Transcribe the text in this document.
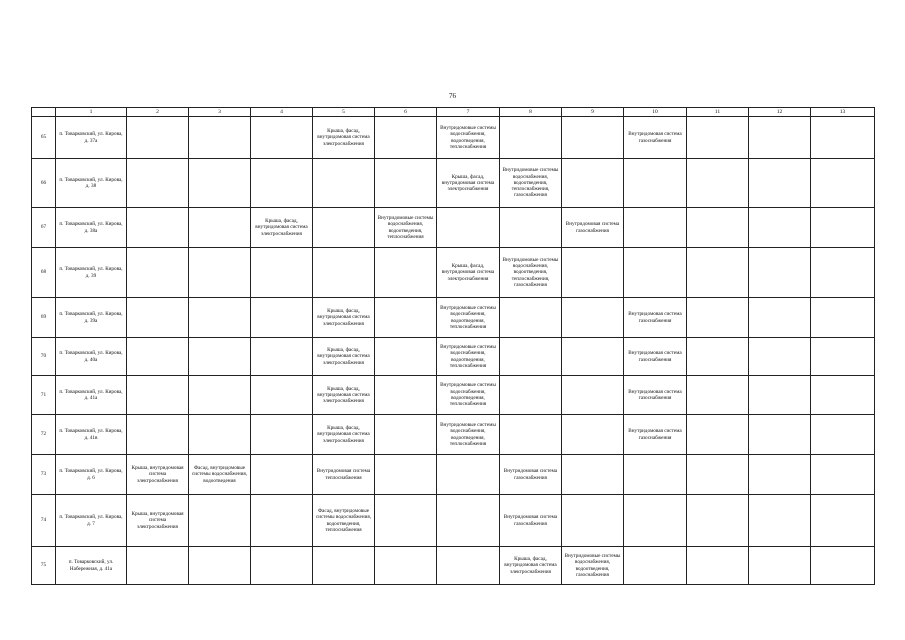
76
	1	2	3	4	5	6	7	8	9	10	11	12	13
65	п. Товарковский, ул. Кирова, д. 37а				Крыша, фасад, внутридомовая система электроснабжения		Внутридомовые системы водоснабжения, водоотведения, теплоснабжения			Внутридомовая система газоснабжения			
66	п. Товарковский, ул. Кирова, д. 38						Крыша, фасад, внутридомовая система электроснабжения	Внутридомовые системы водоснабжения, водоотведения, теплоснабжения, газоснабжения					
67	п. Товарковский, ул. Кирова, д. 38а			Крыша, фасад, внутридомовая система электроснабжения		Внутридомовые системы водоснабжения, водоотведения, теплоснабжения			Внутридомовая система газоснабжения				
68	п. Товарковский, ул. Кирова, д. 39						Крыша, фасад, внутридомовая система электроснабжения	Внутридомовые системы водоснабжения, водоотведения, теплоснабжения, газоснабжения					
69	п. Товарковский, ул. Кирова, д. 39а				Крыша, фасад, внутридомовая система электроснабжения		Внутридомовые системы водоснабжения, водоотведения, теплоснабжения			Внутридомовая система газоснабжения			
70	п. Товарковский, ул. Кирова, д. 40а				Крыша, фасад, внутридомовая система электроснабжения		Внутридомовые системы водоснабжения, водоотведения, теплоснабжения			Внутридомовая система газоснабжения			
71	п. Товарковский, ул. Кирова, д. 41а				Крыша, фасад, внутридомовая система электроснабжения		Внутридомовые системы водоснабжения, водоотведения, теплоснабжения			Внутридомовая система газоснабжения			
72	п. Товарковский, ул. Кирова, д. 41в				Крыша, фасад, внутридомовая система электроснабжения		Внутридомовые системы водоснабжения, водоотведения, теплоснабжения			Внутридомовая система газоснабжения			
73	п. Товарковский, ул. Кирова, д. 6	Крыша, внутридомовая система электроснабжения	Фасад, внутридомовые системы водоснабжения, водоотведения		Внутридомовая система теплоснабжения			Внутридомовая система газоснабжения					
74	п. Товарковский, ул. Кирова, д. 7	Крыша, внутридомовая система электроснабжения			Фасад, внутридомовые системы водоснабжения, водоотведения, теплоснабжения			Внутридомовая система газоснабжения					
75	п. Товарковский, ул. Набережная, д. 41а							Крыша, фасад, внутридомовая система электроснабжения	Внутридомовые системы водоснабжения, водоотведения, газоснабжения				
